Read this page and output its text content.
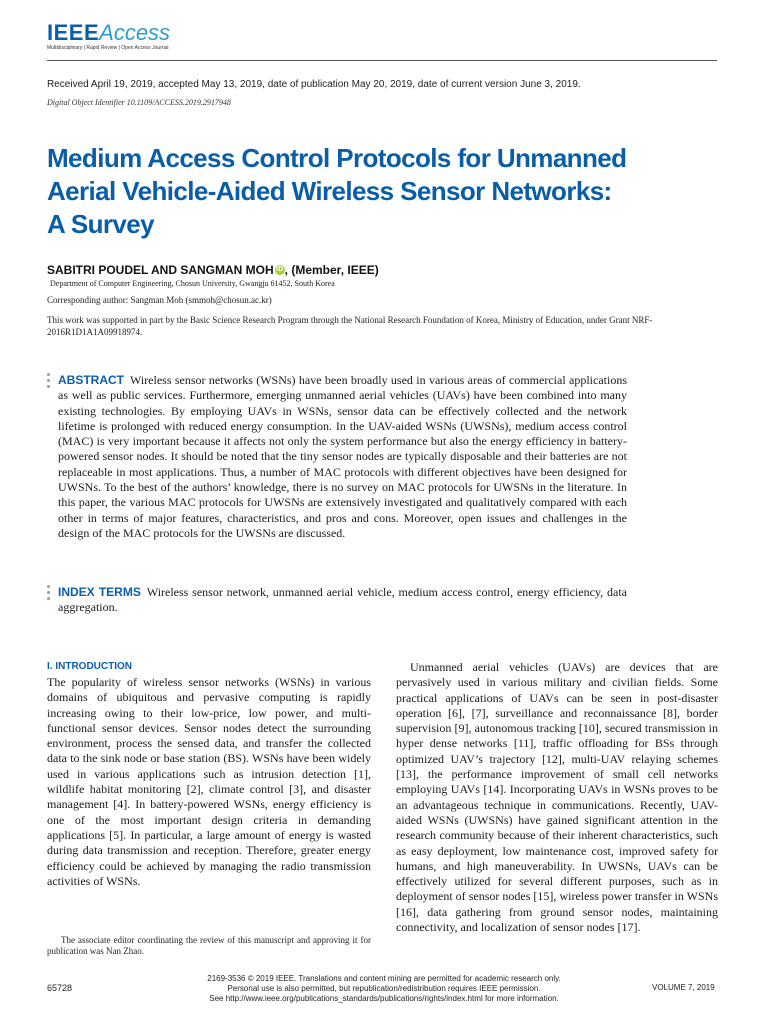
IEEEAccess
Multidisciplinary | Rapid Review | Open Access Journal
Received April 19, 2019, accepted May 13, 2019, date of publication May 20, 2019, date of current version June 3, 2019.
Digital Object Identifier 10.1109/ACCESS.2019.2917948
Medium Access Control Protocols for Unmanned
Aerial Vehicle-Aided Wireless Sensor Networks:
A Survey
SABITRI POUDEL AND SANGMAN MOH iD , (Member, IEEE)
Department of Computer Engineering, Chosun University, Gwangju 61452, South Korea
Corresponding author: Sangman Moh (smmoh@chosun.ac.kr)
This work was supported in part by the Basic Science Research Program through the National Research Foundation of Korea, Ministry of Education, under Grant NRF-2016R1D1A1A09918974.
ABSTRACT Wireless sensor networks (WSNs) have been broadly used in various areas of commercial applications as well as public services. Furthermore, emerging unmanned aerial vehicles (UAVs) have been combined into many existing technologies. By employing UAVs in WSNs, sensor data can be effectively collected and the network lifetime is prolonged with reduced energy consumption. In the UAV-aided WSNs (UWSNs), medium access control (MAC) is very important because it affects not only the system performance but also the energy efficiency in battery-powered sensor nodes. It should be noted that the tiny sensor nodes are typically disposable and their batteries are not replaceable in most applications. Thus, a number of MAC protocols with different objectives have been designed for UWSNs. To the best of the authors’ knowledge, there is no survey on MAC protocols for UWSNs in the literature. In this paper, the various MAC protocols for UWSNs are extensively investigated and qualitatively compared with each other in terms of major features, characteristics, and pros and cons. Moreover, open issues and challenges in the design of the MAC protocols for the UWSNs are discussed.
INDEX TERMS Wireless sensor network, unmanned aerial vehicle, medium access control, energy efficiency, data aggregation.
I. INTRODUCTION
The popularity of wireless sensor networks (WSNs) in various domains of ubiquitous and pervasive computing is rapidly increasing owing to their low-price, low power, and multi-functional sensor devices. Sensor nodes detect the surrounding environment, process the sensed data, and transfer the collected data to the sink node or base station (BS). WSNs have been widely used in various applications such as intrusion detection [1], wildlife habitat monitoring [2], climate control [3], and disaster management [4]. In battery-powered WSNs, energy efficiency is one of the most important design criteria in demanding applications [5]. In particular, a large amount of energy is wasted during data transmission and reception. Therefore, greater energy efficiency could be achieved by managing the radio transmission activities of WSNs.
Unmanned aerial vehicles (UAVs) are devices that are pervasively used in various military and civilian fields. Some practical applications of UAVs can be seen in post-disaster operation [6], [7], surveillance and reconnaissance [8], border supervision [9], autonomous tracking [10], secured transmission in hyper dense networks [11], traffic offloading for BSs through optimized UAV’s trajectory [12], multi-UAV relaying schemes [13], the performance improvement of small cell networks employing UAVs [14]. Incorporating UAVs in WSNs proves to be an advantageous technique in communications. Recently, UAV-aided WSNs (UWSNs) have gained significant attention in the research community because of their inherent characteristics, such as easy deployment, low maintenance cost, improved safety for humans, and high maneuverability. In UWSNs, UAVs can be effectively utilized for several different purposes, such as in deployment of sensor nodes [15], wireless power transfer in WSNs [16], data gathering from ground sensor nodes, maintaining connectivity, and localization of sensor nodes [17].
The associate editor coordinating the review of this manuscript and approving it for publication was Nan Zhao.
65728
2169-3536 © 2019 IEEE. Translations and content mining are permitted for academic research only.
Personal use is also permitted, but republication/redistribution requires IEEE permission.
See http://www.ieee.org/publications_standards/publications/rights/index.html for more information.
VOLUME 7, 2019
